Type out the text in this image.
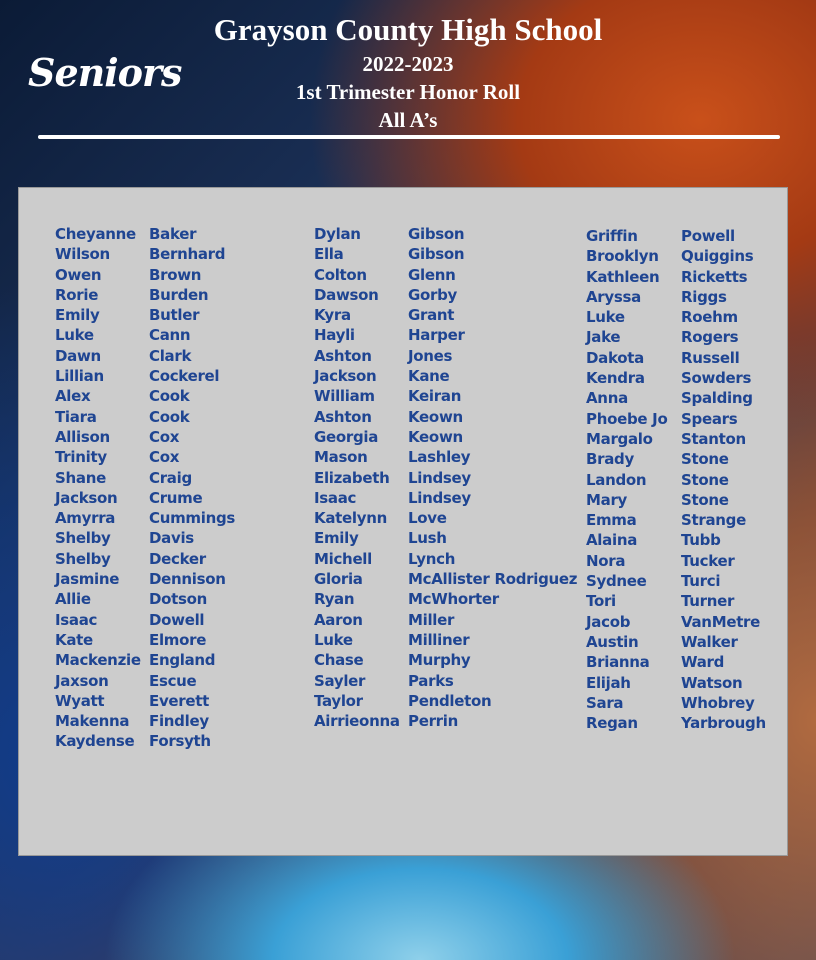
Seniors
Grayson County High School
2022-2023
1st Trimester Honor Roll
All A’s
Cheyanne
Wilson
Owen
Rorie
Emily
Luke
Dawn
Lillian
Alex
Tiara
Allison
Trinity
Shane
Jackson
Amyrra
Shelby
Shelby
Jasmine
Allie
Isaac
Kate
Mackenzie
Jaxson
Wyatt
Makenna
Kaydense
Baker
Bernhard
Brown
Burden
Butler
Cann
Clark
Cockerel
Cook
Cook
Cox
Cox
Craig
Crume
Cummings
Davis
Decker
Dennison
Dotson
Dowell
Elmore
England
Escue
Everett
Findley
Forsyth
Dylan
Ella
Colton
Dawson
Kyra
Hayli
Ashton
Jackson
William
Ashton
Georgia
Mason
Elizabeth
Isaac
Katelynn
Emily
Michell
Gloria
Ryan
Aaron
Luke
Chase
Sayler
Taylor
Airrieonna
Gibson
Gibson
Glenn
Gorby
Grant
Harper
Jones
Kane
Keiran
Keown
Keown
Lashley
Lindsey
Lindsey
Love
Lush
Lynch
McAllister Rodriguez
McWhorter
Miller
Milliner
Murphy
Parks
Pendleton
Perrin
Griffin
Brooklyn
Kathleen
Aryssa
Luke
Jake
Dakota
Kendra
Anna
Phoebe Jo
Margalo
Brady
Landon
Mary
Emma
Alaina
Nora
Sydnee
Tori
Jacob
Austin
Brianna
Elijah
Sara
Regan
Powell
Quiggins
Ricketts
Riggs
Roehm
Rogers
Russell
Sowders
Spalding
Spears
Stanton
Stone
Stone
Stone
Strange
Tubb
Tucker
Turci
Turner
VanMetre
Walker
Ward
Watson
Whobrey
Yarbrough
